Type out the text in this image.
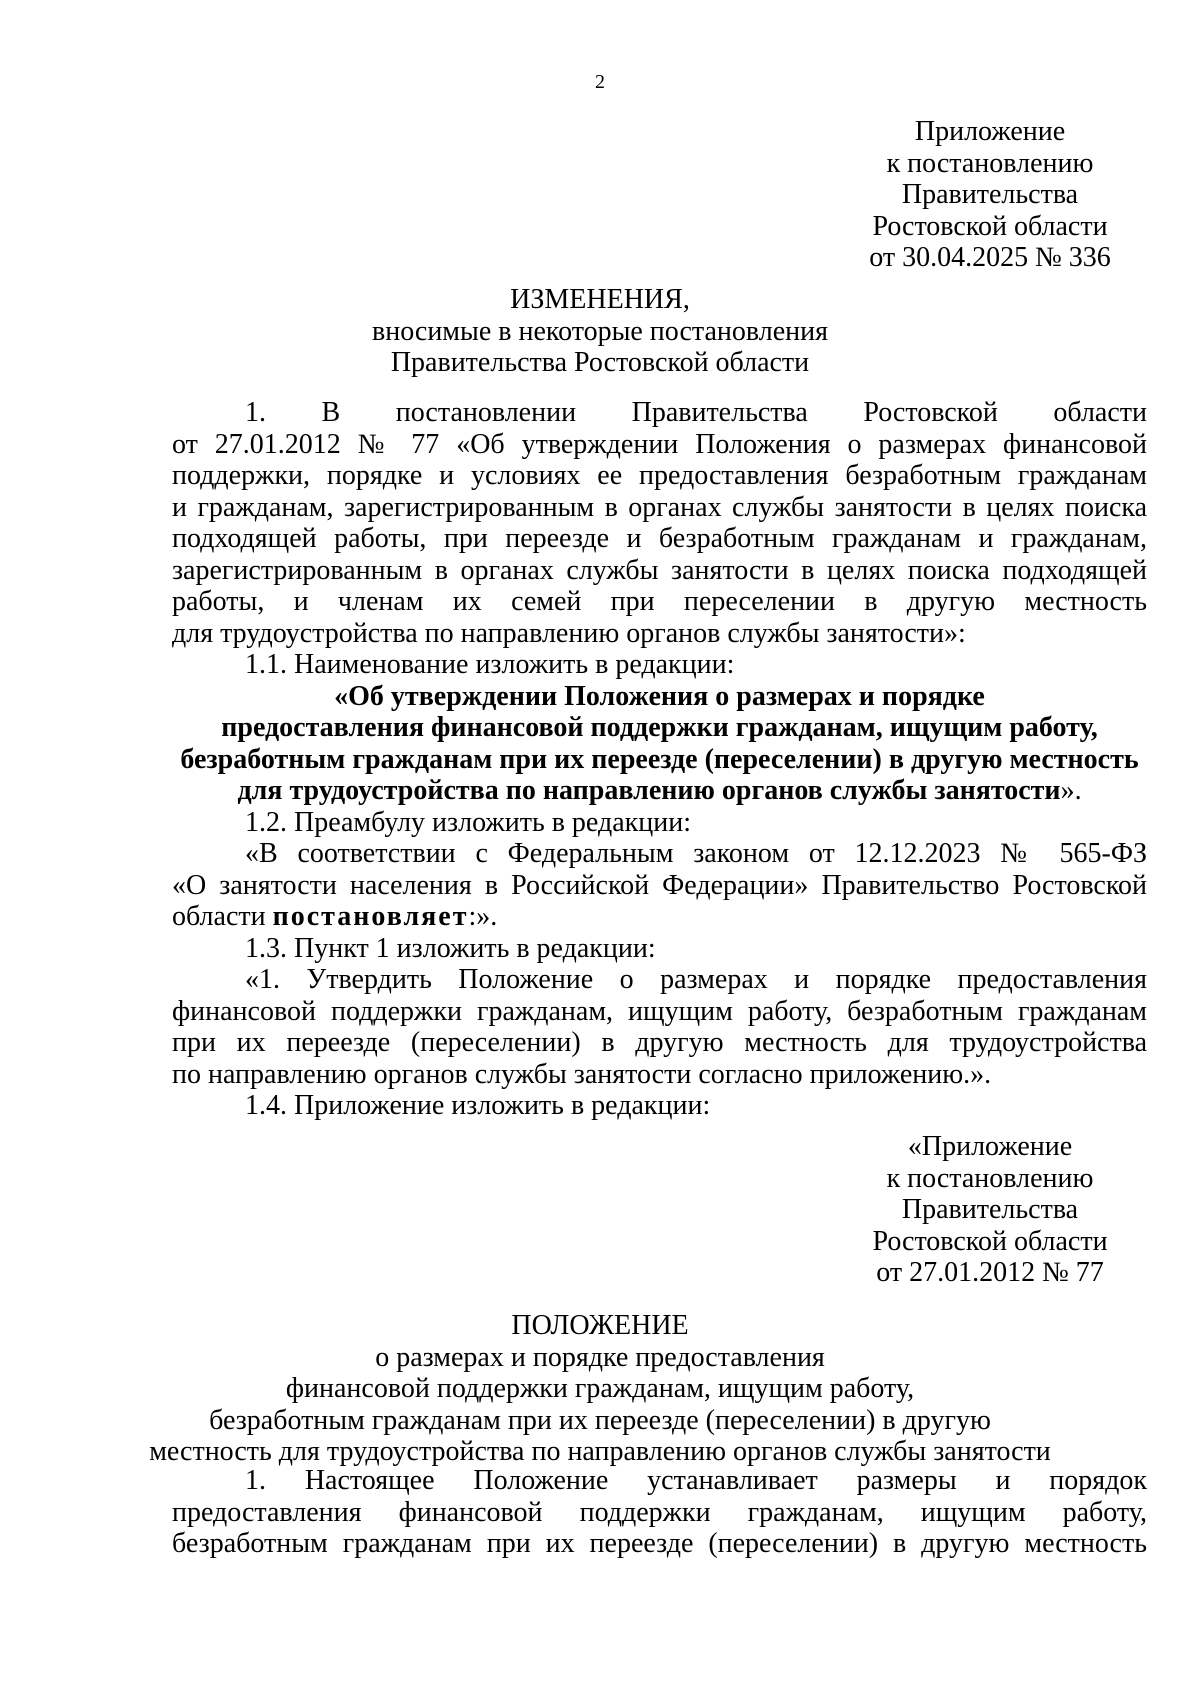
2
Приложение
к постановлению
Правительства
Ростовской области
от 30.04.2025 № 336
ИЗМЕНЕНИЯ,
вносимые в некоторые постановления
Правительства Ростовской области
1. В постановлении Правительства Ростовской области
от 27.01.2012 № 77 «Об утверждении Положения о размерах финансовой
поддержки, порядке и условиях ее предоставления безработным гражданам
и гражданам, зарегистрированным в органах службы занятости в целях поиска
подходящей работы, при переезде и безработным гражданам и гражданам,
зарегистрированным в органах службы занятости в целях поиска подходящей
работы, и членам их семей при переселении в другую местность
для трудоустройства по направлению органов службы занятости»:
1.1. Наименование изложить в редакции:
«Об утверждении Положения о размерах и порядке
предоставления финансовой поддержки гражданам, ищущим работу,
безработным гражданам при их переезде (переселении) в другую местность
для трудоустройства по направлению органов службы занятости».
1.2. Преамбулу изложить в редакции:
«В соответствии с Федеральным законом от 12.12.2023 № 565-ФЗ
«О занятости населения в Российской Федерации» Правительство Ростовской
области постановляет:».
1.3. Пункт 1 изложить в редакции:
«1. Утвердить Положение о размерах и порядке предоставления
финансовой поддержки гражданам, ищущим работу, безработным гражданам
при их переезде (переселении) в другую местность для трудоустройства
по направлению органов службы занятости согласно приложению.».
1.4. Приложение изложить в редакции:
«Приложение
к постановлению
Правительства
Ростовской области
от 27.01.2012 № 77
ПОЛОЖЕНИЕ
о размерах и порядке предоставления
финансовой поддержки гражданам, ищущим работу,
безработным гражданам при их переезде (переселении) в другую
местность для трудоустройства по направлению органов службы занятости
1. Настоящее Положение устанавливает размеры и порядок
предоставления финансовой поддержки гражданам, ищущим работу,
безработным гражданам при их переезде (переселении) в другую местность
